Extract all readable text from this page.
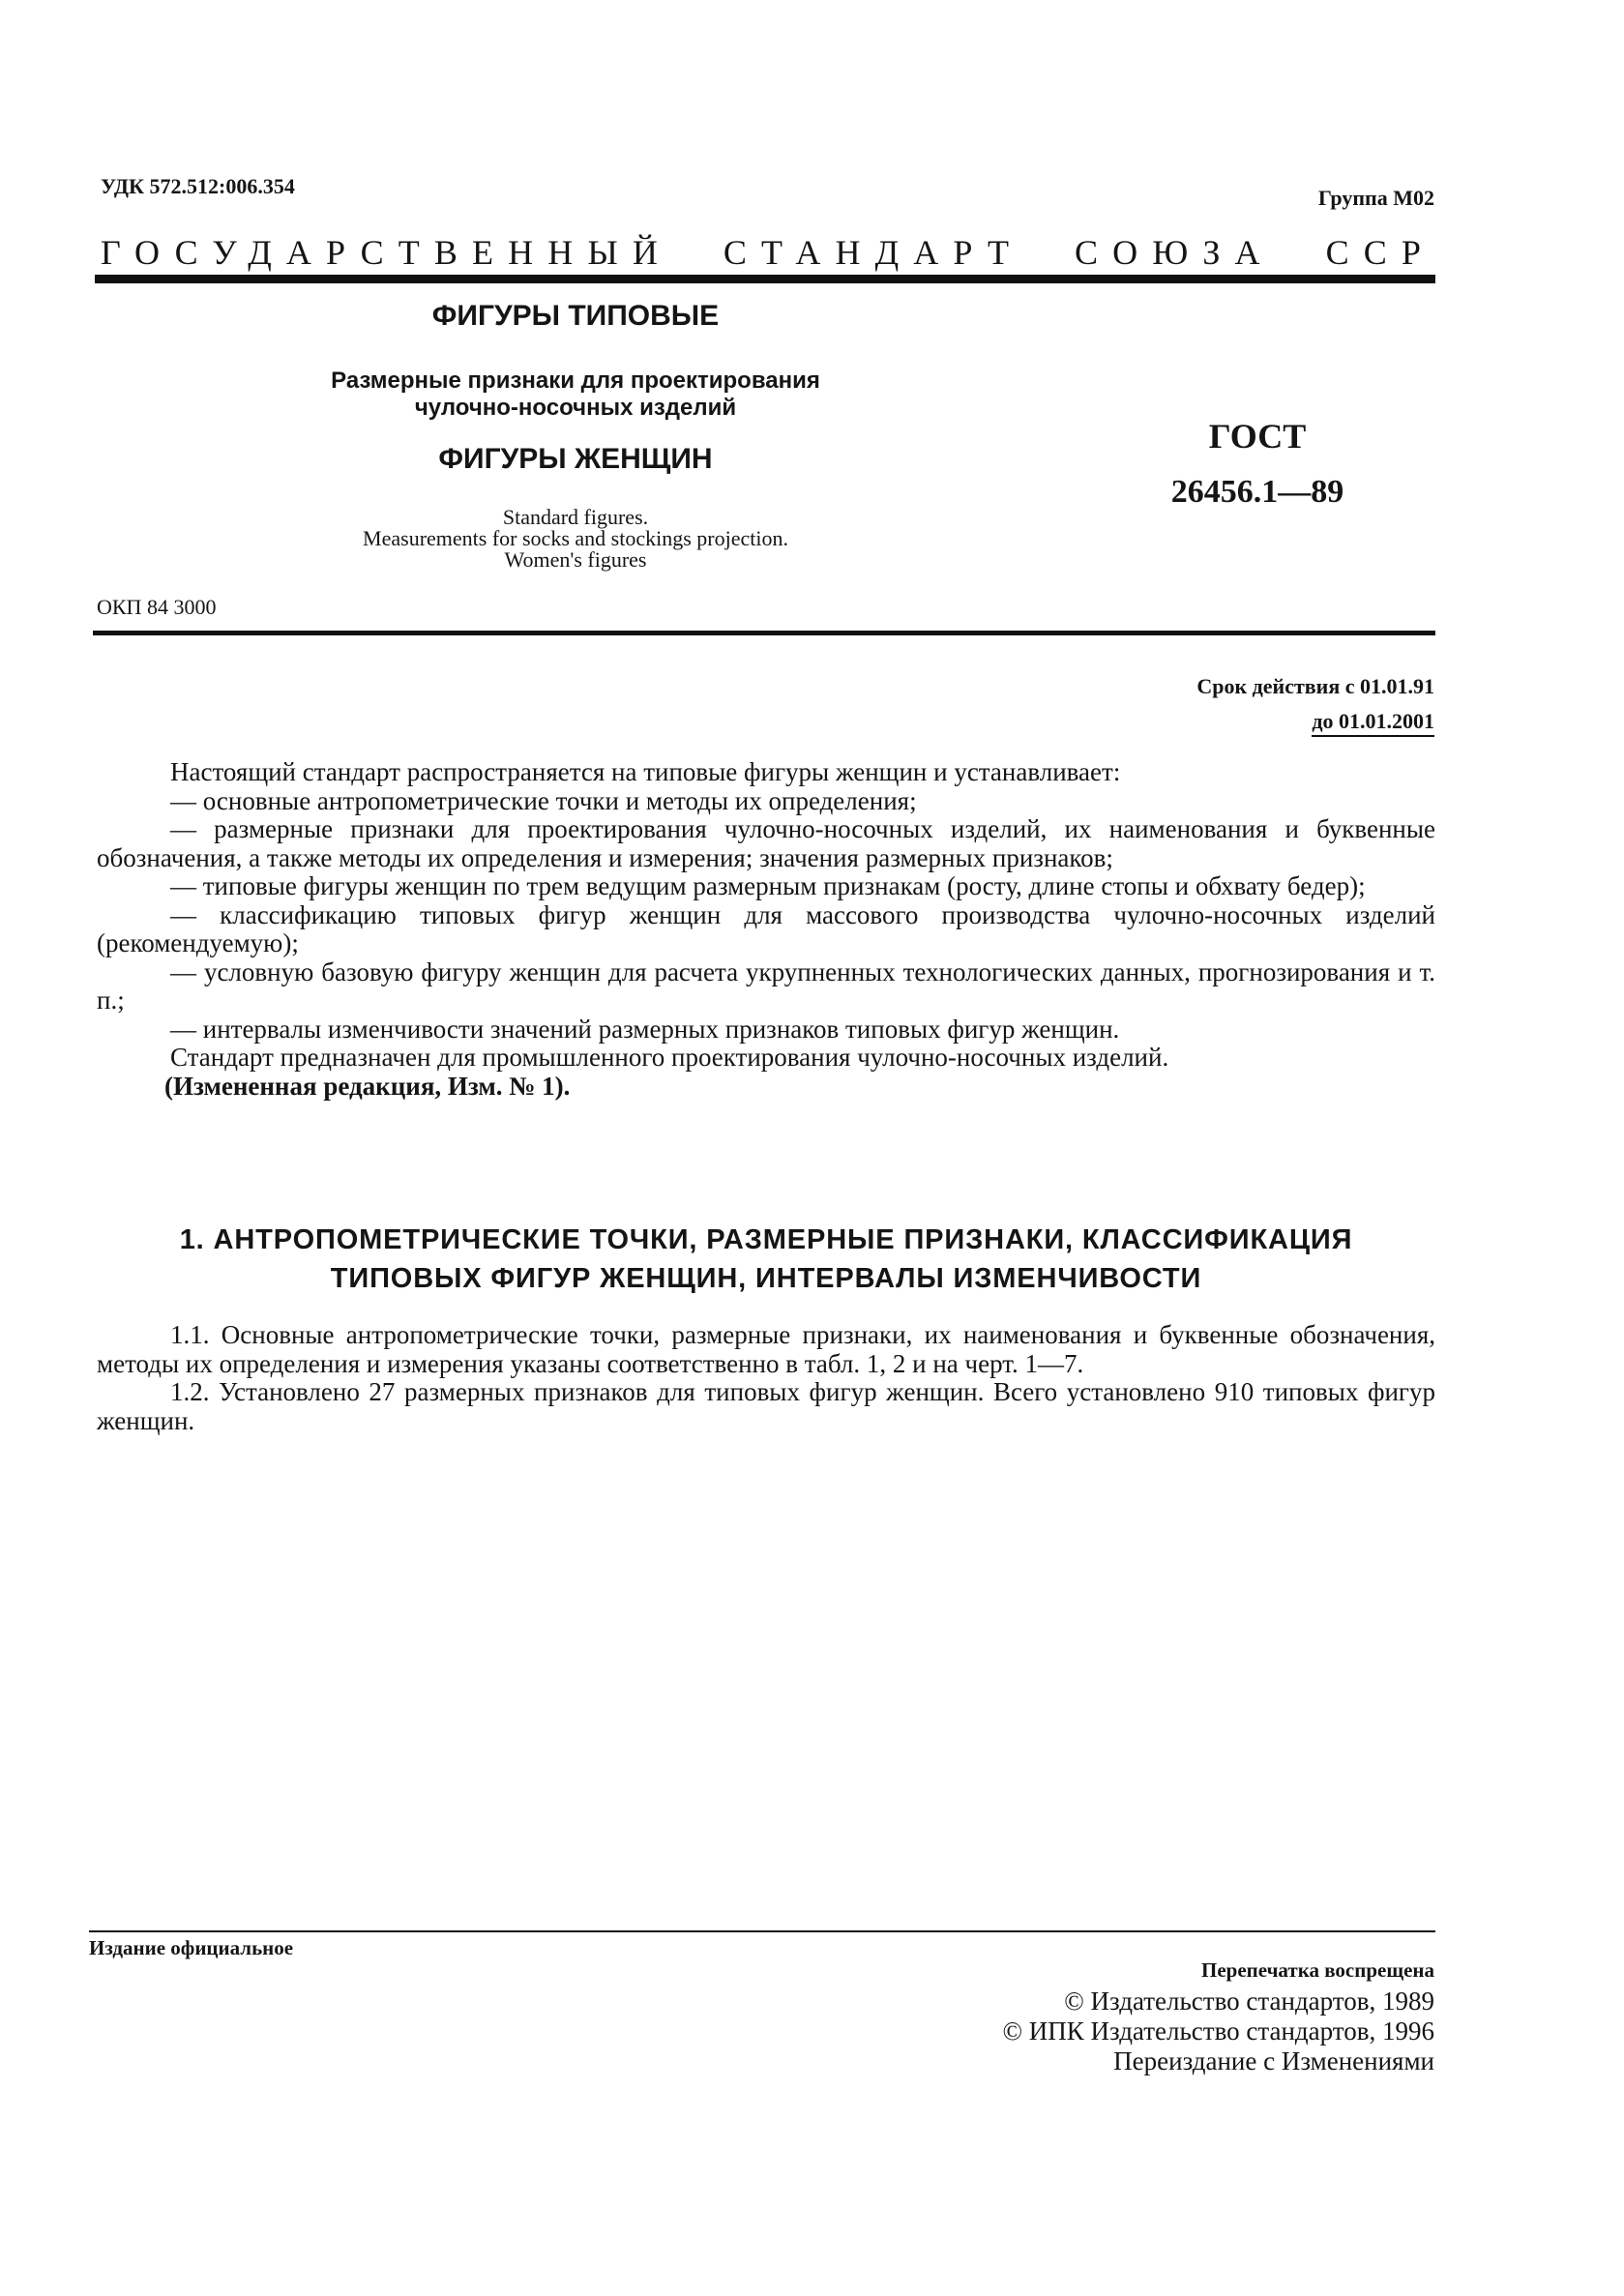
УДК 572.512:006.354	Группа М02
ГОСУДАРСТВЕННЫЙ СТАНДАРТ СОЮЗА ССР
ФИГУРЫ ТИПОВЫЕ
Размерные признаки для проектирования
чулочно-носочных изделий
ФИГУРЫ ЖЕНЩИН
Standard figures.
Measurements for socks and stockings projection.
Women's figures
ГОСТ
26456.1—89
ОКП 84 3000
Срок действия с 01.01.91
до 01.01.2001

Настоящий стандарт распространяется на типовые фигуры женщин и устанавливает:

— основные антропометрические точки и методы их определения;

— размерные признаки для проектирования чулочно-носочных изделий, их наименования и буквенные обозначения, а также методы их определения и измерения; значения размерных признаков;

— типовые фигуры женщин по трем ведущим размерным признакам (росту, длине стопы и обхвату бедер);

— классификацию типовых фигур женщин для массового производства чулочно-носочных изделий (рекомендуемую);

— условную базовую фигуру женщин для расчета укрупненных технологических данных, прогнозирования и т. п.;

— интервалы изменчивости значений размерных признаков типовых фигур женщин.

Стандарт предназначен для промышленного проектирования чулочно-носочных изделий.

(Измененная редакция, Изм. № 1).

1. АНТРОПОМЕТРИЧЕСКИЕ ТОЧКИ, РАЗМЕРНЫЕ ПРИЗНАКИ, КЛАССИФИКАЦИЯ
ТИПОВЫХ ФИГУР ЖЕНЩИН, ИНТЕРВАЛЫ ИЗМЕНЧИВОСТИ

1.1. Основные антропометрические точки, размерные признаки, их наименования и буквенные обозначения, методы их определения и измерения указаны соответственно в табл. 1, 2 и на черт. 1—7.

1.2. Установлено 27 размерных признаков для типовых фигур женщин. Всего установлено 910 типовых фигур женщин.

Издание официальное
Перепечатка воспрещена
© Издательство стандартов, 1989
© ИПК Издательство стандартов, 1996
Переиздание с Изменениями
